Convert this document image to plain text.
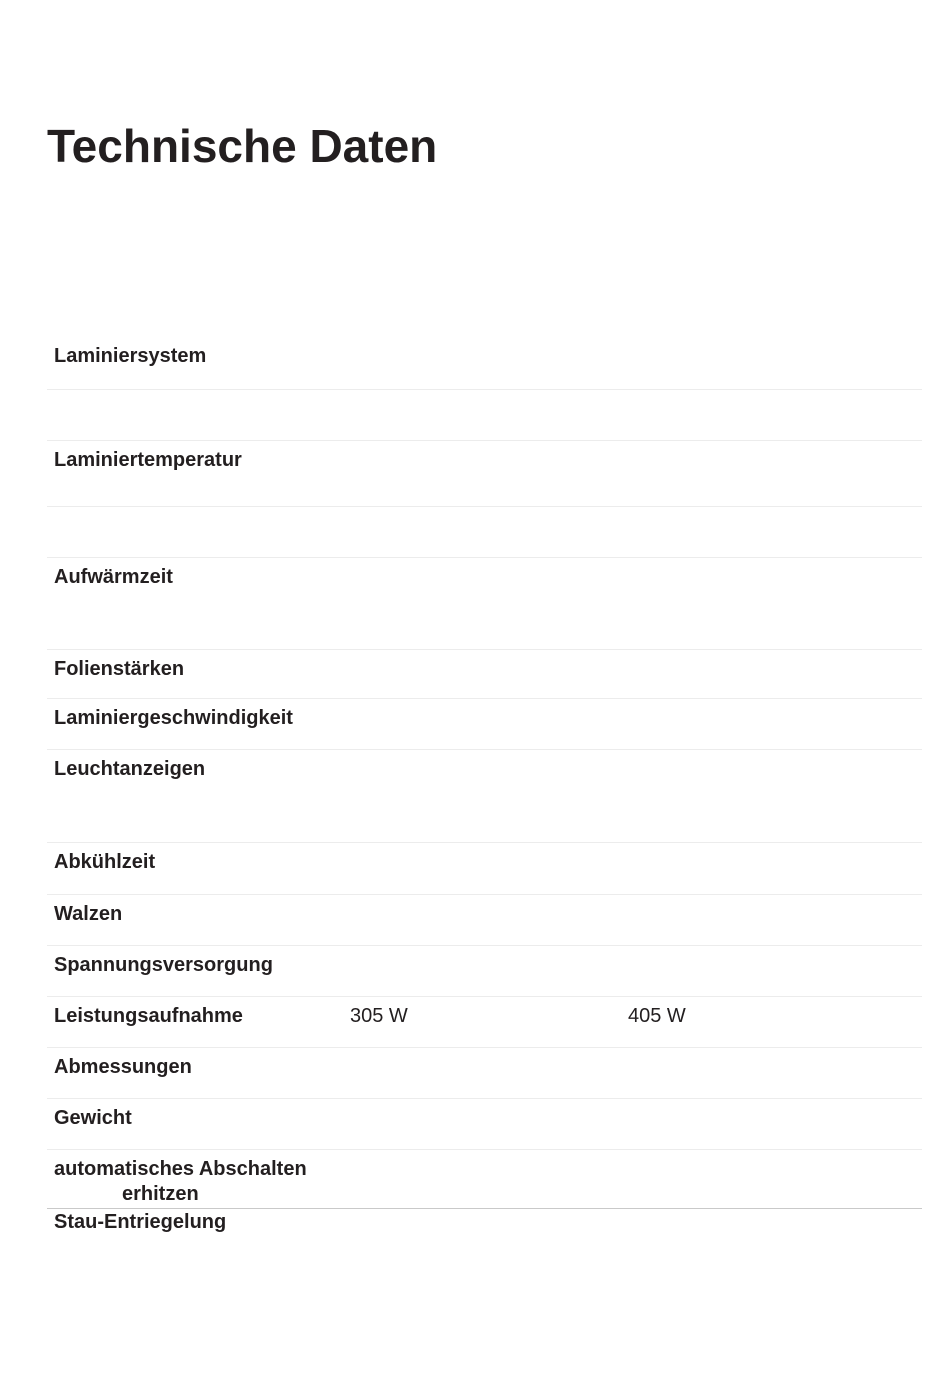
Technische Daten
Laminiersystem
Laminiertemperatur
Aufwärmzeit
Folienstärken
Laminiergeschwindigkeit
Leuchtanzeigen
Abkühlzeit
Walzen
Spannungsversorgung
Leistungsaufnahme	305 W	405 W
Abmessungen
Gewicht
automatisches Abschalten
erhitzen
Stau-Entriegelung
